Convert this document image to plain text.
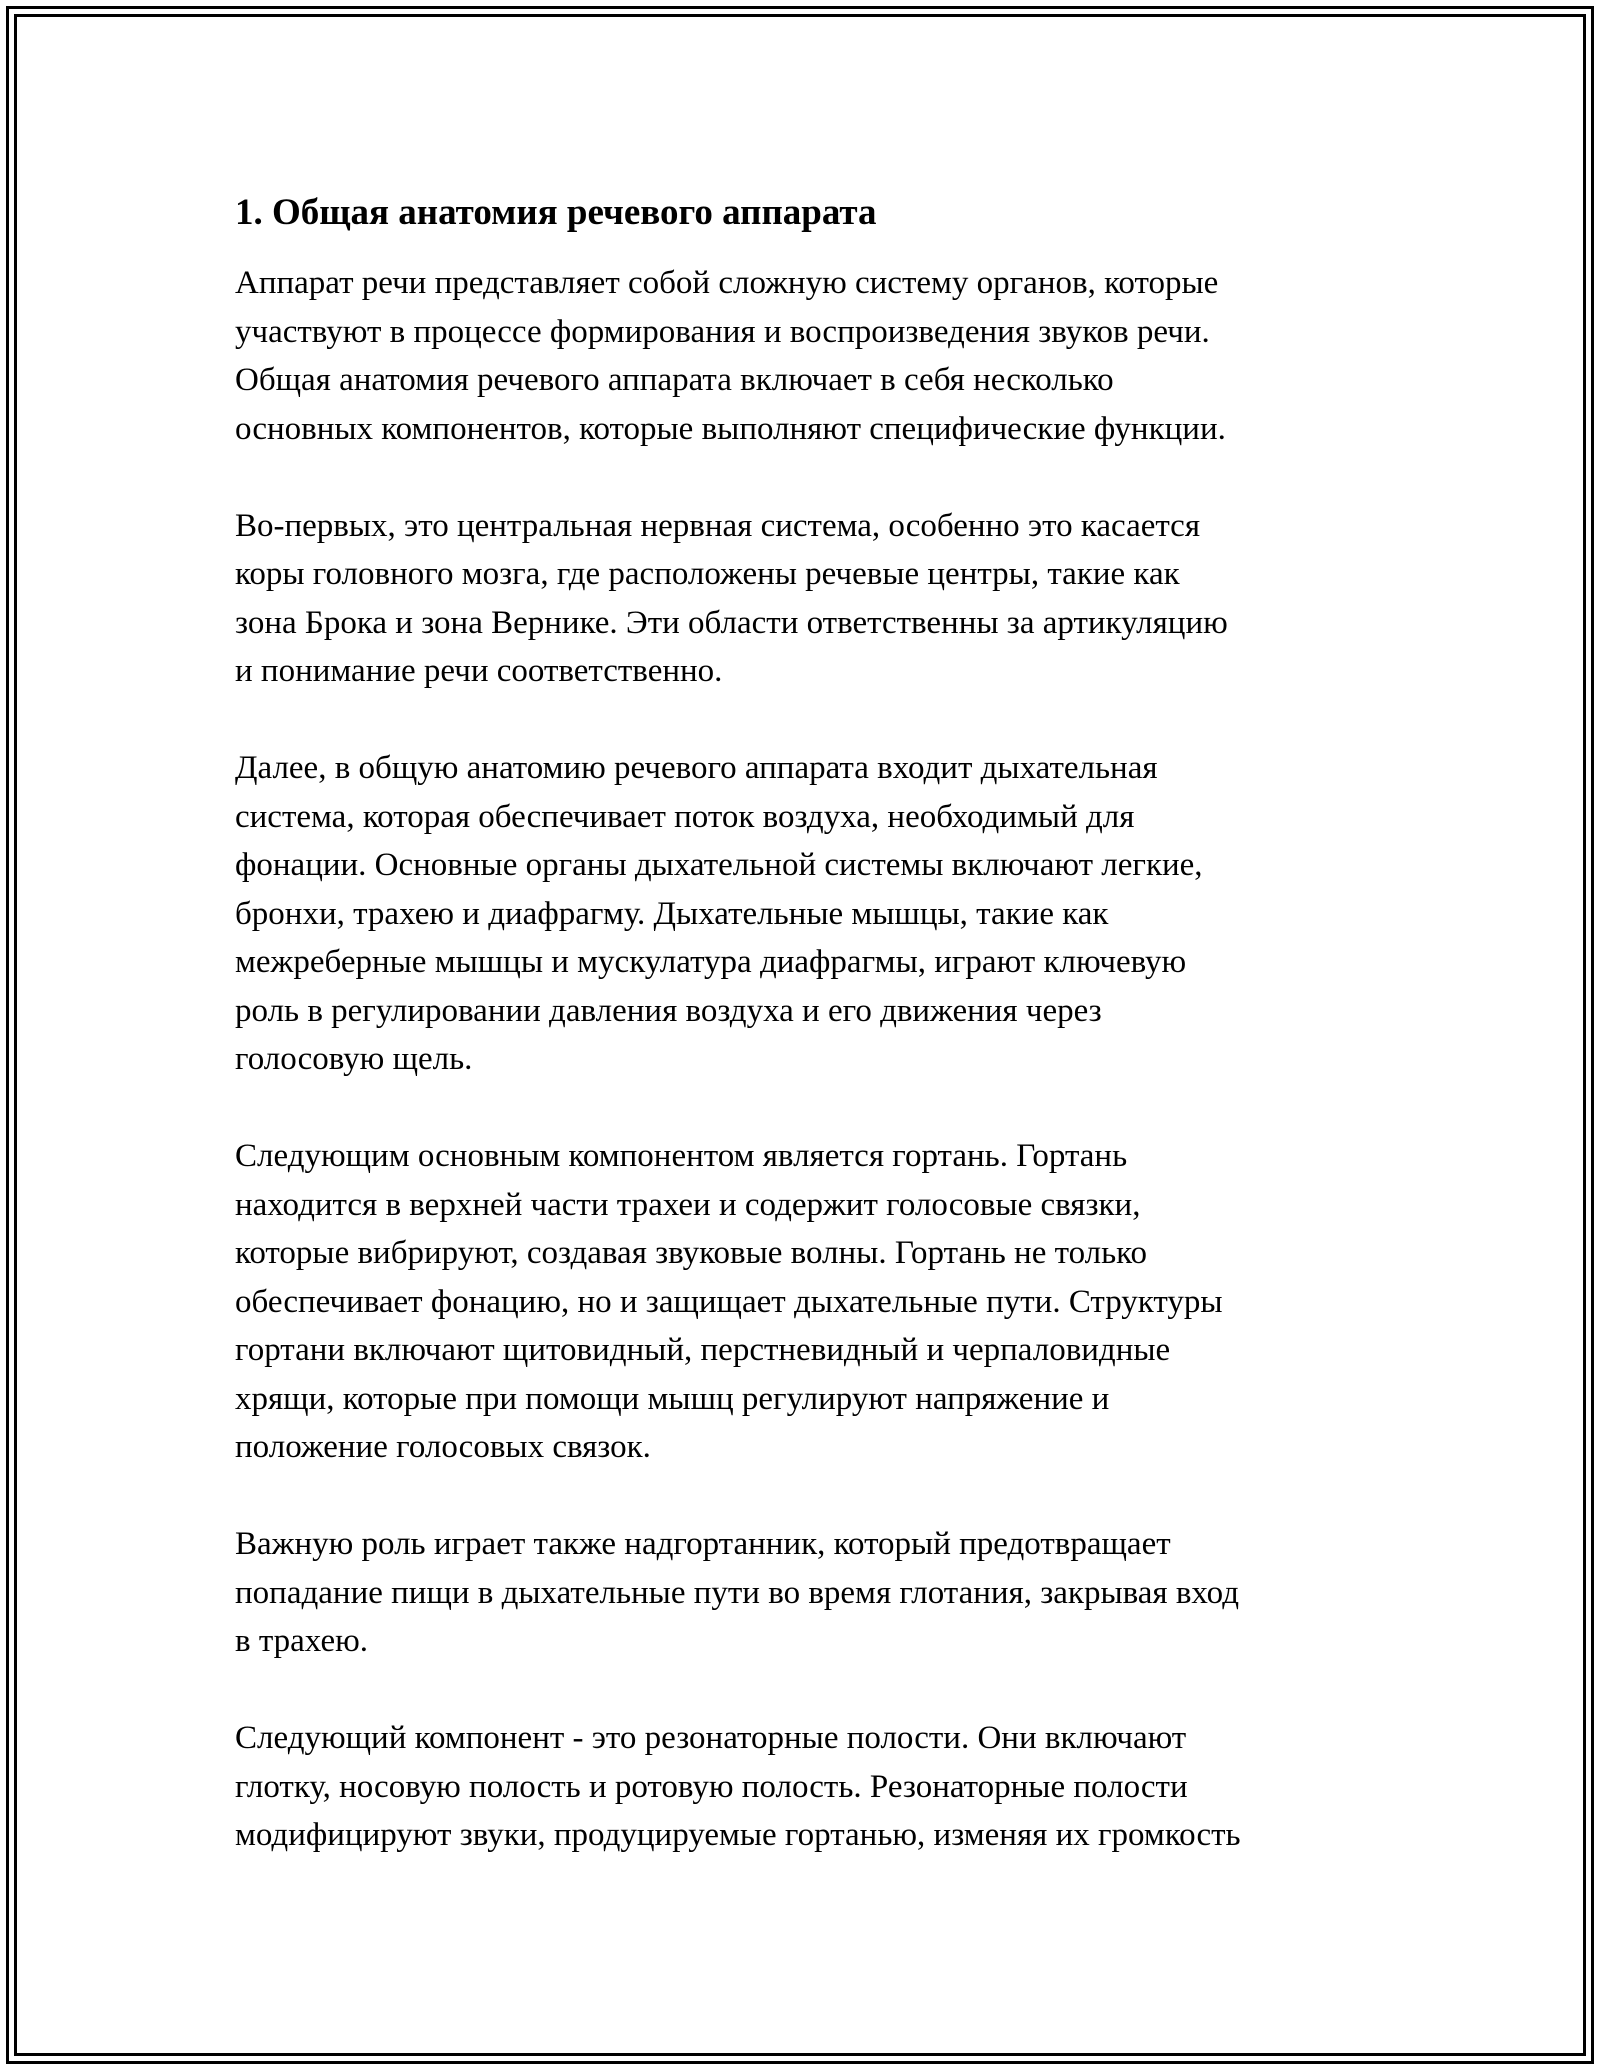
1. Общая анатомия речевого аппарата

Аппарат речи представляет собой сложную систему органов, которые
участвуют в процессе формирования и воспроизведения звуков речи.
Общая анатомия речевого аппарата включает в себя несколько
основных компонентов, которые выполняют специфические функции.

Во-первых, это центральная нервная система, особенно это касается
коры головного мозга, где расположены речевые центры, такие как
зона Брока и зона Вернике. Эти области ответственны за артикуляцию
и понимание речи соответственно.

Далее, в общую анатомию речевого аппарата входит дыхательная
система, которая обеспечивает поток воздуха, необходимый для
фонации. Основные органы дыхательной системы включают легкие,
бронхи, трахею и диафрагму. Дыхательные мышцы, такие как
межреберные мышцы и мускулатура диафрагмы, играют ключевую
роль в регулировании давления воздуха и его движения через
голосовую щель.

Следующим основным компонентом является гортань. Гортань
находится в верхней части трахеи и содержит голосовые связки,
которые вибрируют, создавая звуковые волны. Гортань не только
обеспечивает фонацию, но и защищает дыхательные пути. Структуры
гортани включают щитовидный, перстневидный и черпаловидные
хрящи, которые при помощи мышц регулируют напряжение и
положение голосовых связок.

Важную роль играет также надгортанник, который предотвращает
попадание пищи в дыхательные пути во время глотания, закрывая вход
в трахею.

Следующий компонент - это резонаторные полости. Они включают
глотку, носовую полость и ротовую полость. Резонаторные полости
модифицируют звуки, продуцируемые гортанью, изменяя их громкость
